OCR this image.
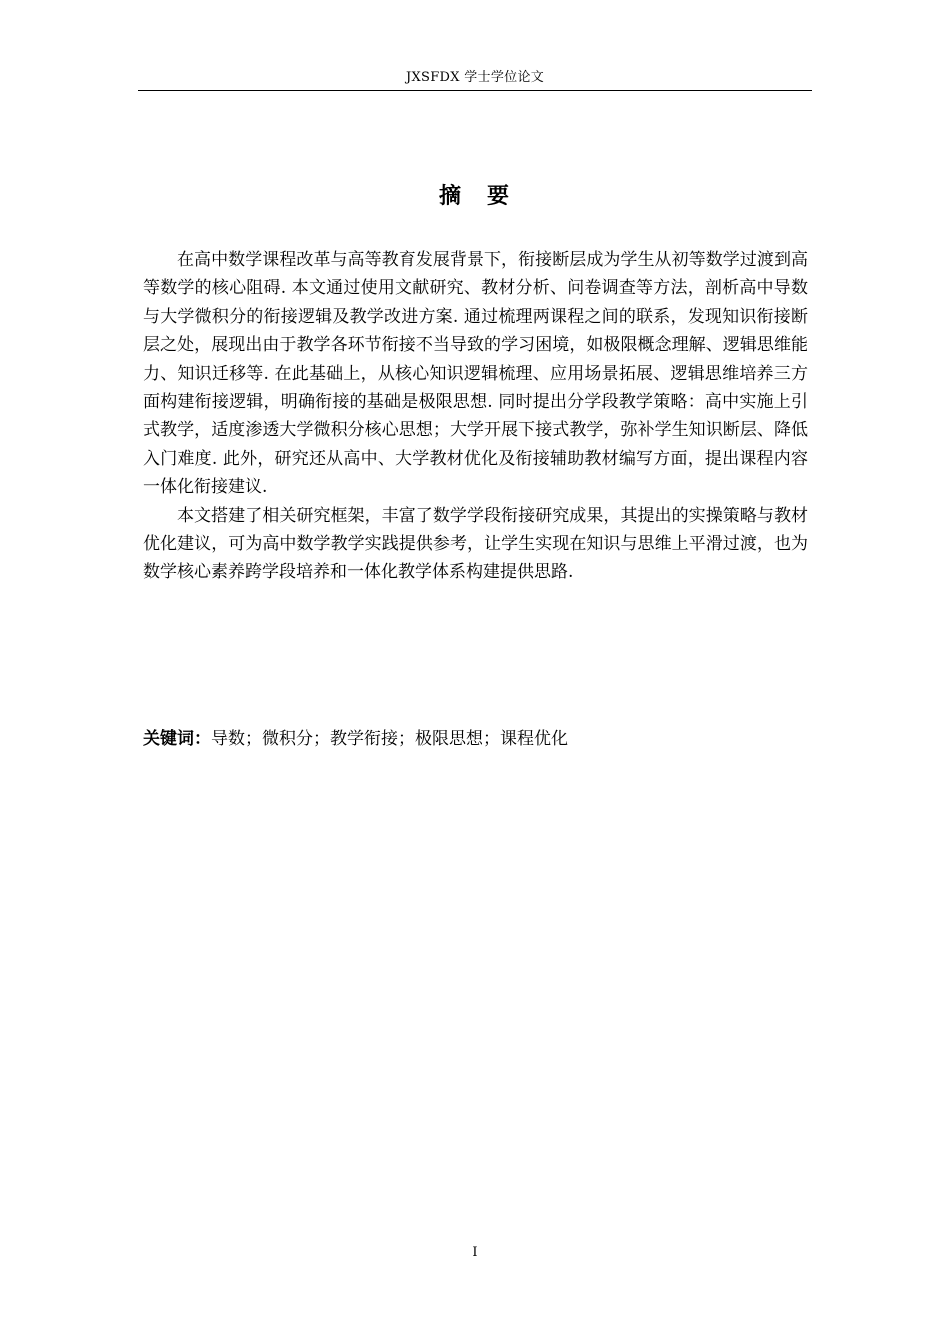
JXSFDX 学士学位论文
摘　要

在高中数学课程改革与高等教育发展背景下，衔接断层成为学生从初等数学过渡到高等数学的核心阻碍. 本文通过使用文献研究、教材分析、问卷调查等方法，剖析高中导数与大学微积分的衔接逻辑及教学改进方案. 通过梳理两课程之间的联系，发现知识衔接断层之处，展现出由于教学各环节衔接不当导致的学习困境，如极限概念理解、逻辑思维能力、知识迁移等. 在此基础上，从核心知识逻辑梳理、应用场景拓展、逻辑思维培养三方面构建衔接逻辑，明确衔接的基础是极限思想. 同时提出分学段教学策略：高中实施上引式教学，适度渗透大学微积分核心思想；大学开展下接式教学，弥补学生知识断层、降低入门难度. 此外，研究还从高中、大学教材优化及衔接辅助教材编写方面，提出课程内容一体化衔接建议.

本文搭建了相关研究框架，丰富了数学学段衔接研究成果，其提出的实操策略与教材优化建议，可为高中数学教学实践提供参考，让学生实现在知识与思维上平滑过渡，也为数学核心素养跨学段培养和一体化教学体系构建提供思路.

关键词：导数；微积分；教学衔接；极限思想；课程优化
I
